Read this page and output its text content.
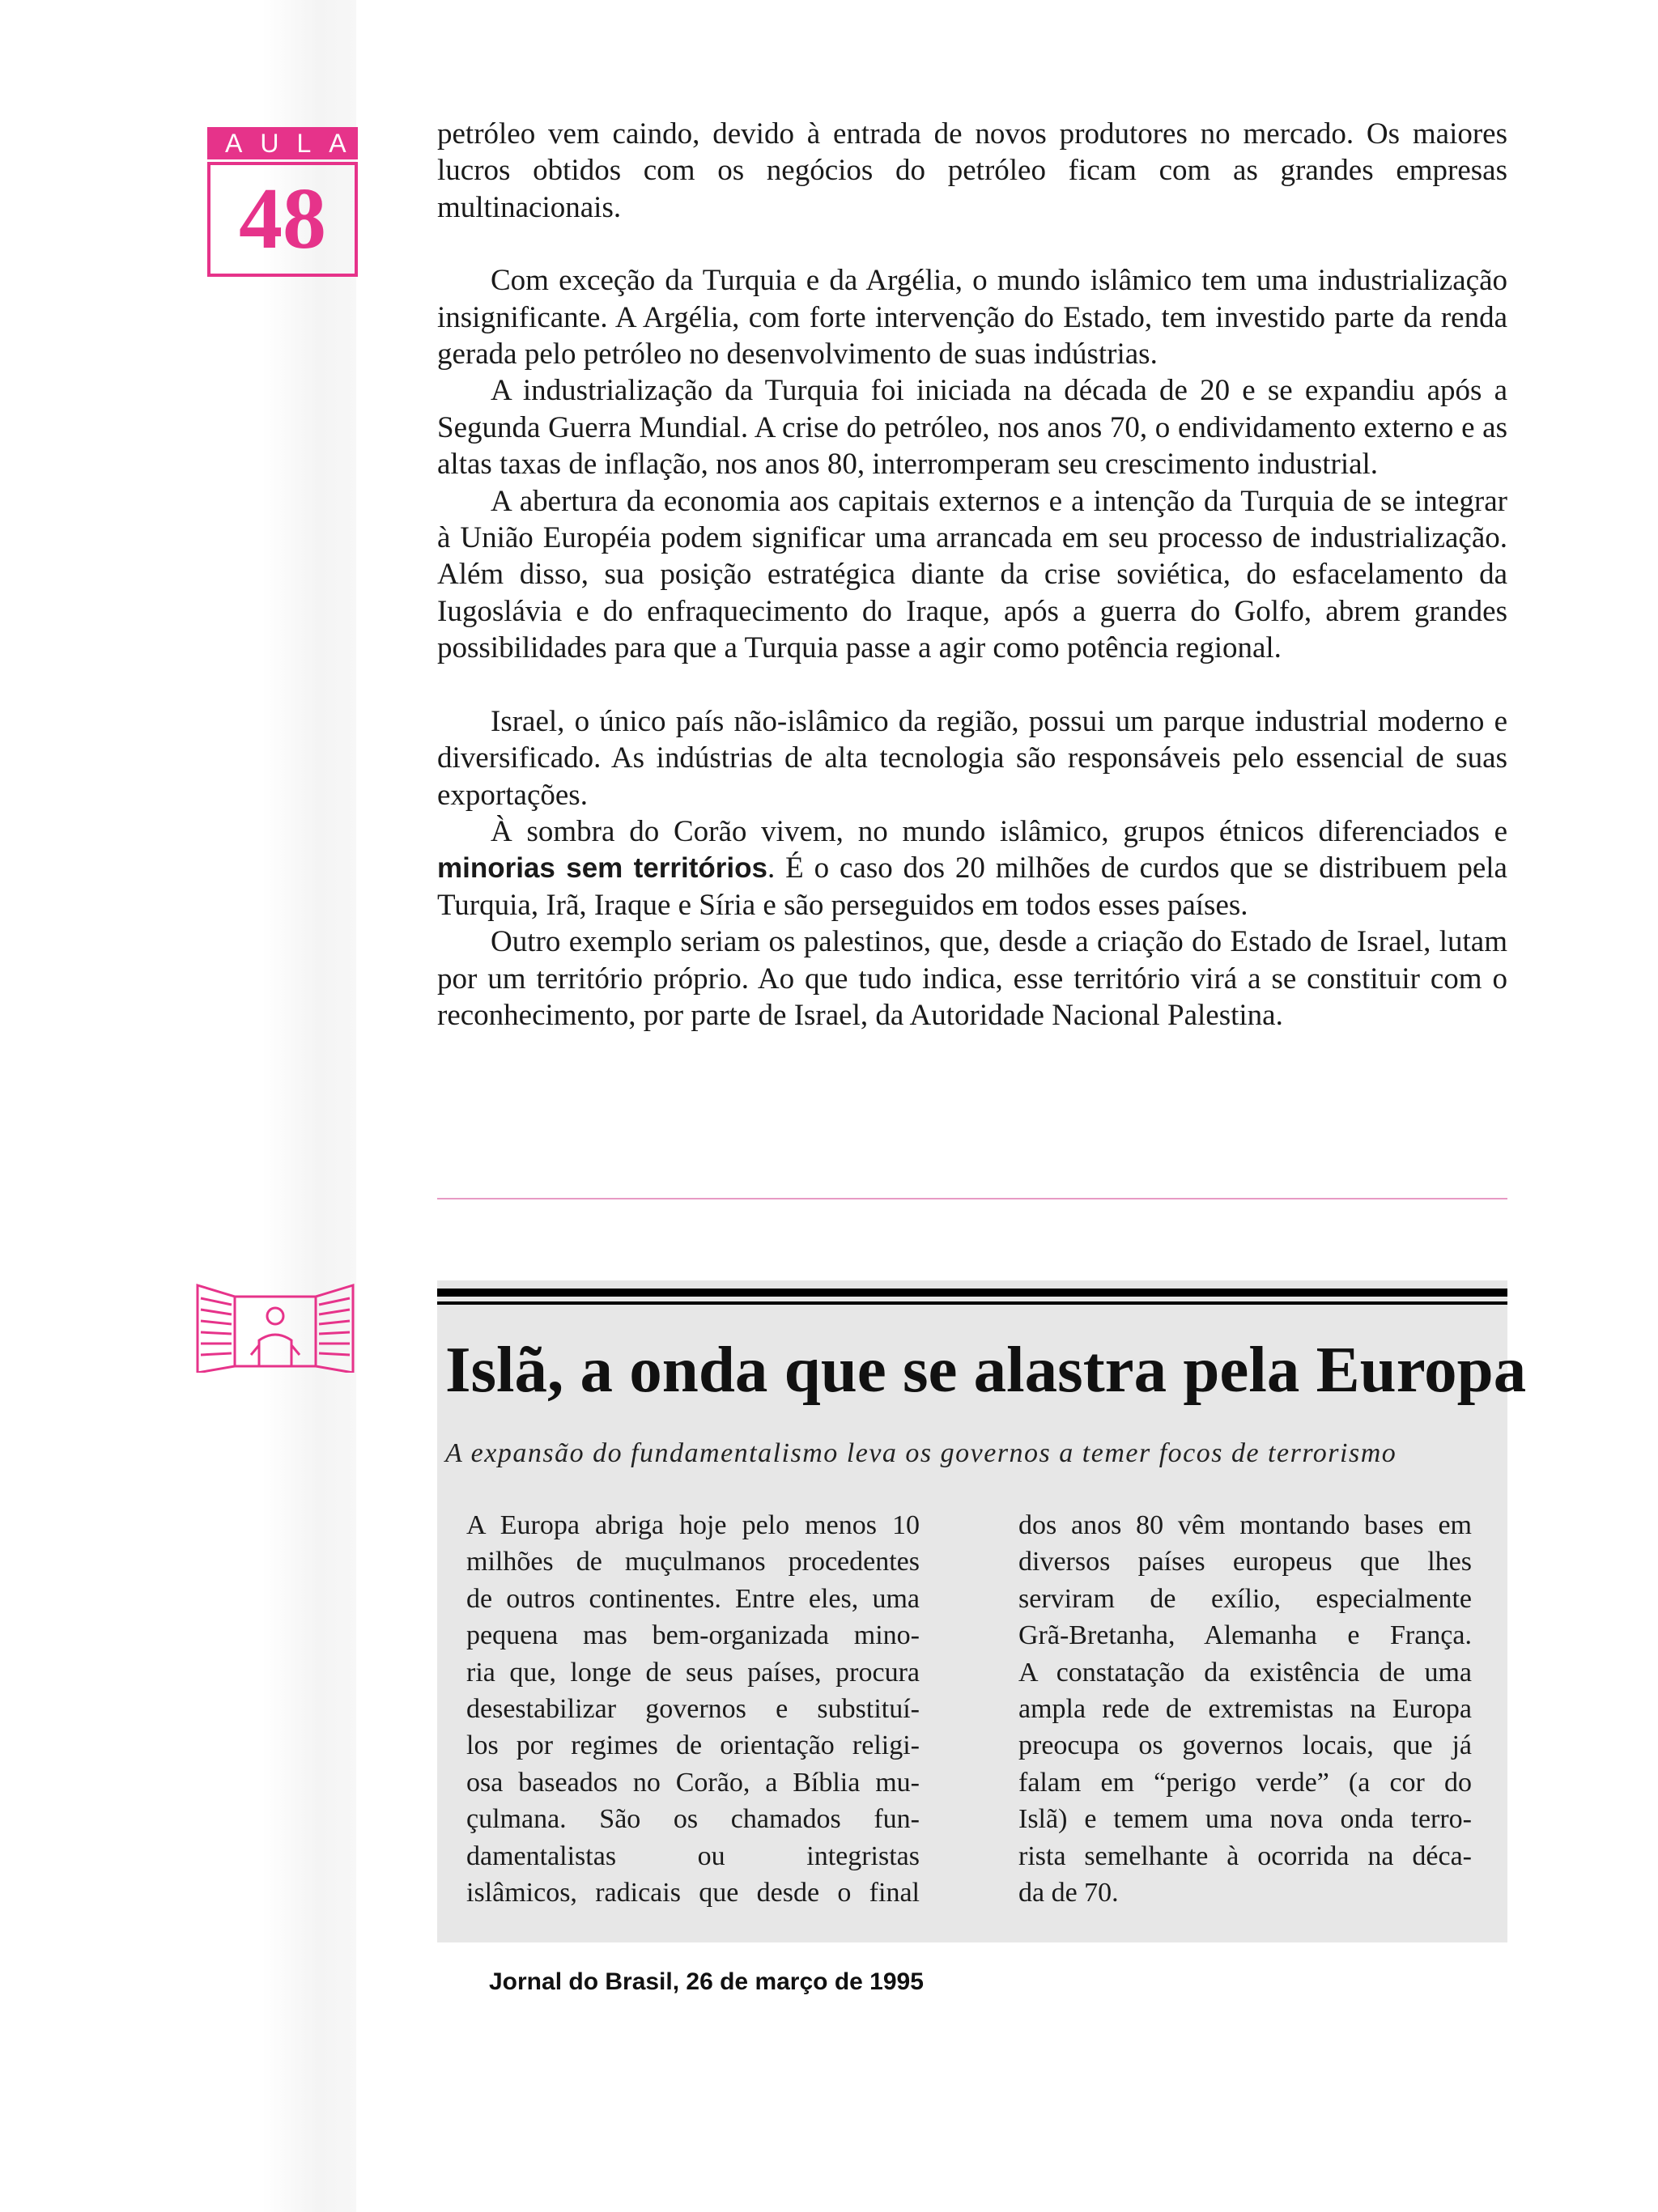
AULA
48

petróleo vem caindo, devido à entrada de novos produtores no mercado. Os maiores lucros obtidos com os negócios do petróleo ficam com as grandes empresas multinacionais.

Com exceção da Turquia e da Argélia, o mundo islâmico tem uma industrialização insignificante. A Argélia, com forte intervenção do Estado, tem investido parte da renda gerada pelo petróleo no desenvolvimento de suas indústrias.

A industrialização da Turquia foi iniciada na década de 20 e se expandiu após a Segunda Guerra Mundial. A crise do petróleo, nos anos 70, o endividamento externo e as altas taxas de inflação, nos anos 80, interromperam seu crescimento industrial.

A abertura da economia aos capitais externos e a intenção da Turquia de se integrar à União Européia podem significar uma arrancada em seu processo de industrialização. Além disso, sua posição estratégica diante da crise soviética, do esfacelamento da Iugoslávia e do enfraquecimento do Iraque, após a guerra do Golfo, abrem grandes possibilidades para que a Turquia passe a agir como potência regional.

Israel, o único país não-islâmico da região, possui um parque industrial moderno e diversificado. As indústrias de alta tecnologia são responsáveis pelo essencial de suas exportações.

À sombra do Corão vivem, no mundo islâmico, grupos étnicos diferenciados e minorias sem territórios. É o caso dos 20 milhões de curdos que se distribuem pela Turquia, Irã, Iraque e Síria e são perseguidos em todos esses países.

Outro exemplo seriam os palestinos, que, desde a criação do Estado de Israel, lutam por um território próprio. Ao que tudo indica, esse território virá a se constituir com o reconhecimento, por parte de Israel, da Autoridade Nacional Palestina.

Islã, a onda que se alastra pela Europa
A expansão do fundamentalismo leva os governos a temer focos de terrorismo
A Europa abriga hoje pelo menos 10
milhões de muçulmanos procedentes
de outros continentes. Entre eles, uma
pequena mas bem-organizada mino-
ria que, longe de seus países, procura
desestabilizar governos e substituí-
los por regimes de orientação religi-
osa baseados no Corão, a Bíblia mu-
çulmana. São os chamados fun-
damentalistas ou integristas
islâmicos, radicais que desde o final
dos anos 80 vêm montando bases em
diversos países europeus que lhes
serviram de exílio, especialmente
Grã-Bretanha, Alemanha e França.
A constatação da existência de uma
ampla rede de extremistas na Europa
preocupa os governos locais, que já
falam em “perigo verde” (a cor do
Islã) e temem uma nova onda terro-
rista semelhante à ocorrida na déca-
da de 70.
Jornal do Brasil, 26 de março de 1995
